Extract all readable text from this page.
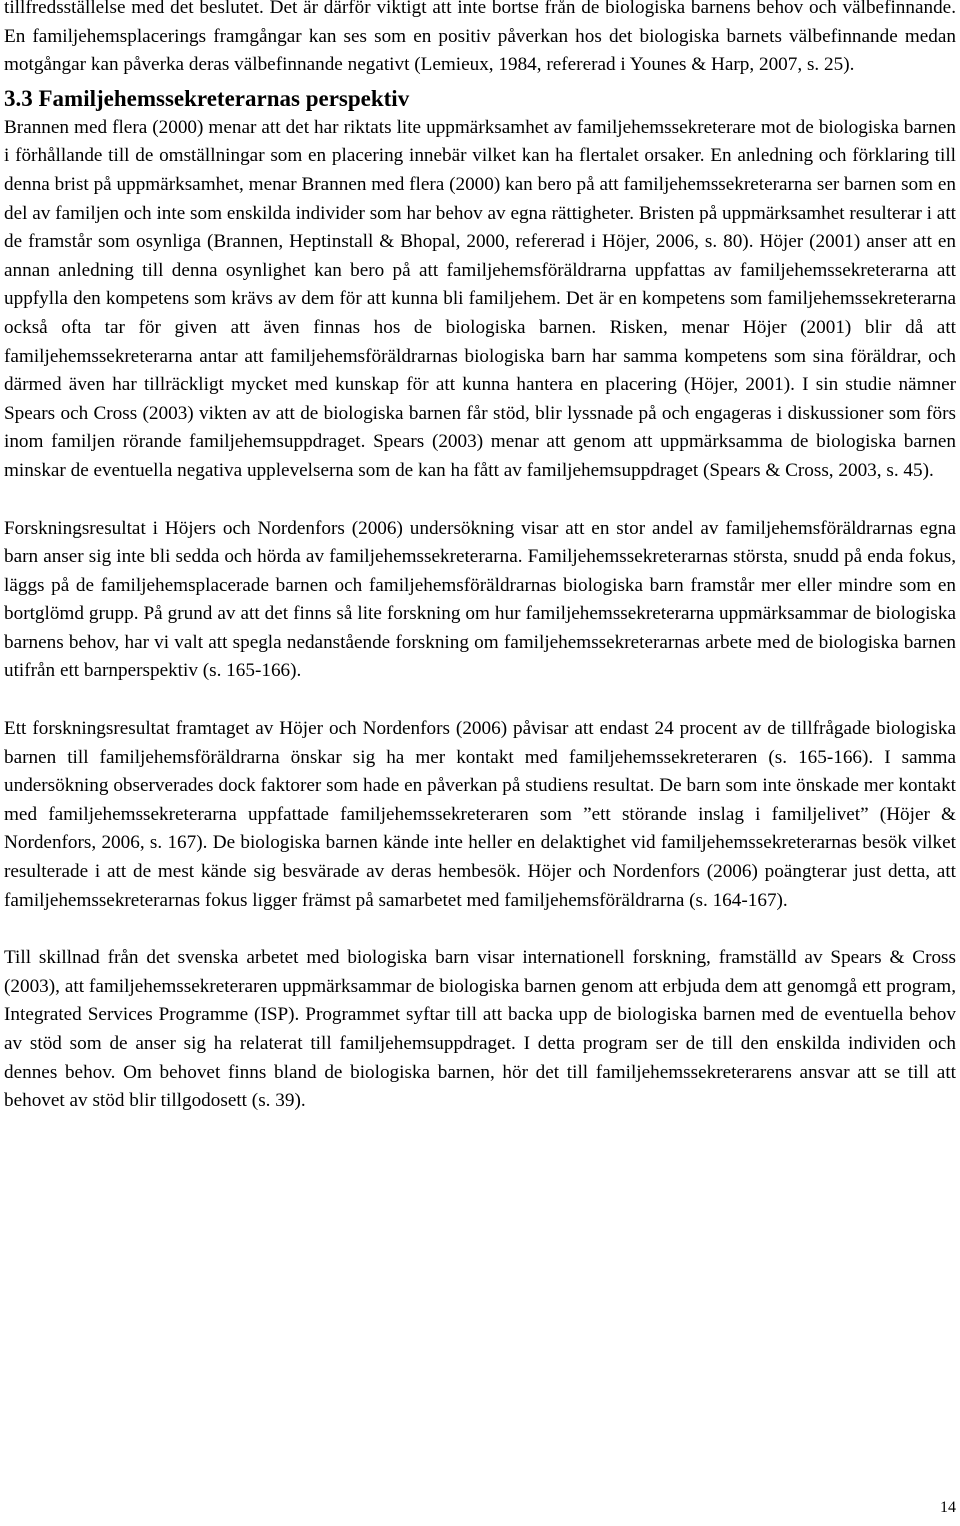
tillfredsställelse med det beslutet. Det är därför viktigt att inte bortse från de biologiska barnens behov och välbefinnande. En familjehemsplacerings framgångar kan ses som en positiv påverkan hos det biologiska barnets välbefinnande medan motgångar kan påverka deras välbefinnande negativt (Lemieux, 1984, refererad i Younes & Harp, 2007, s. 25).

3.3 Familjehemssekreterarnas perspektiv

Brannen med flera (2000) menar att det har riktats lite uppmärksamhet av familjehemssekreterare mot de biologiska barnen i förhållande till de omställningar som en placering innebär vilket kan ha flertalet orsaker. En anledning och förklaring till denna brist på uppmärksamhet, menar Brannen med flera (2000) kan bero på att familjehemssekreterarna ser barnen som en del av familjen och inte som enskilda individer som har behov av egna rättigheter. Bristen på uppmärksamhet resulterar i att de framstår som osynliga (Brannen, Heptinstall & Bhopal, 2000, refererad i Höjer, 2006, s. 80). Höjer (2001) anser att en annan anledning till denna osynlighet kan bero på att familjehemsföräldrarna uppfattas av familjehemssekreterarna att uppfylla den kompetens som krävs av dem för att kunna bli familjehem. Det är en kompetens som familjehemssekreterarna också ofta tar för given att även finnas hos de biologiska barnen. Risken, menar Höjer (2001) blir då att familjehemssekreterarna antar att familjehemsföräldrarnas biologiska barn har samma kompetens som sina föräldrar, och därmed även har tillräckligt mycket med kunskap för att kunna hantera en placering (Höjer, 2001). I sin studie nämner Spears och Cross (2003) vikten av att de biologiska barnen får stöd, blir lyssnade på och engageras i diskussioner som förs inom familjen rörande familjehemsuppdraget. Spears (2003) menar att genom att uppmärksamma de biologiska barnen minskar de eventuella negativa upplevelserna som de kan ha fått av familjehemsuppdraget (Spears & Cross, 2003, s. 45).

Forskningsresultat i Höjers och Nordenfors (2006) undersökning visar att en stor andel av familjehemsföräldrarnas egna barn anser sig inte bli sedda och hörda av familjehemssekreterarna. Familjehemssekreterarnas största, snudd på enda fokus, läggs på de familjehemsplacerade barnen och familjehemsföräldrarnas biologiska barn framstår mer eller mindre som en bortglömd grupp. På grund av att det finns så lite forskning om hur familjehemssekreterarna uppmärksammar de biologiska barnens behov, har vi valt att spegla nedanstående forskning om familjehemssekreterarnas arbete med de biologiska barnen utifrån ett barnperspektiv (s. 165-166).

Ett forskningsresultat framtaget av Höjer och Nordenfors (2006) påvisar att endast 24 procent av de tillfrågade biologiska barnen till familjehemsföräldrarna önskar sig ha mer kontakt med familjehemssekreteraren (s. 165-166). I samma undersökning observerades dock faktorer som hade en påverkan på studiens resultat. De barn som inte önskade mer kontakt med familjehemssekreterarna uppfattade familjehemssekreteraren som ”ett störande inslag i familjelivet” (Höjer & Nordenfors, 2006, s. 167). De biologiska barnen kände inte heller en delaktighet vid familjehemssekreterarnas besök vilket resulterade i att de mest kände sig besvärade av deras hembesök. Höjer och Nordenfors (2006) poängterar just detta, att familjehemssekreterarnas fokus ligger främst på samarbetet med familjehemsföräldrarna (s. 164-167).

Till skillnad från det svenska arbetet med biologiska barn visar internationell forskning, framställd av Spears & Cross (2003), att familjehemssekreteraren uppmärksammar de biologiska barnen genom att erbjuda dem att genomgå ett program, Integrated Services Programme (ISP). Programmet syftar till att backa upp de biologiska barnen med de eventuella behov av stöd som de anser sig ha relaterat till familjehemsuppdraget. I detta program ser de till den enskilda individen och dennes behov. Om behovet finns bland de biologiska barnen, hör det till familjehemssekreterarens ansvar att se till att behovet av stöd blir tillgodosett (s. 39).

14
